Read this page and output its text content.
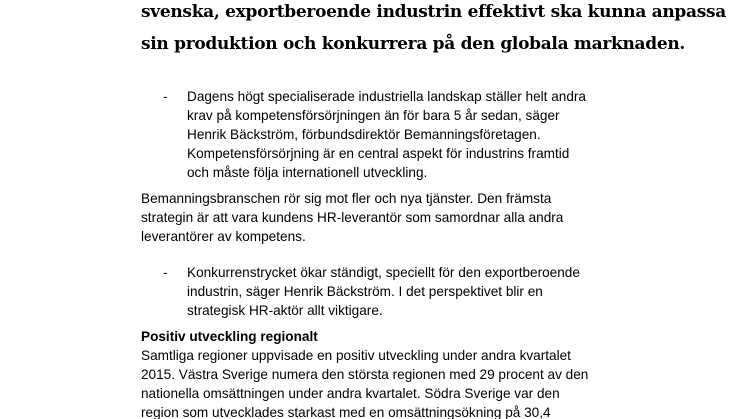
svenska, exportberoende industrin effektivt ska kunna anpassa
sin produktion och konkurrera på den globala marknaden.
- Dagens högt specialiserade industriella landskap ställer helt andra
krav på kompetensförsörjningen än för bara 5 år sedan, säger
Henrik Bäckström, förbundsdirektör Bemanningsföretagen.
Kompetensförsörjning är en central aspekt för industrins framtid
och måste följa internationell utveckling.
Bemanningsbranschen rör sig mot fler och nya tjänster. Den främsta
strategin är att vara kundens HR-leverantör som samordnar alla andra
leverantörer av kompetens.
- Konkurrenstrycket ökar ständigt, speciellt för den exportberoende
industrin, säger Henrik Bäckström. I det perspektivet blir en
strategisk HR-aktör allt viktigare.
Positiv utveckling regionalt
Samtliga regioner uppvisade en positiv utveckling under andra kvartalet
2015. Västra Sverige numera den största regionen med 29 procent av den
nationella omsättningen under andra kvartalet. Södra Sverige var den
region som utvecklades starkast med en omsättningsökning på 30,4
